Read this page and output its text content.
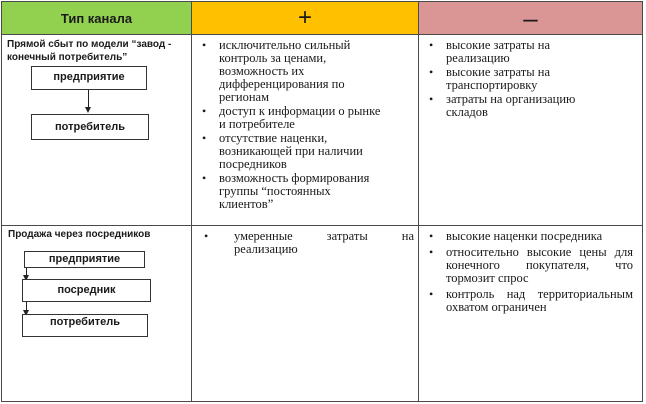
Тип канала	+	–
Прямой сбыт по модели “завод - конечный потребитель”
предприятие
потребитель
• исключительно сильный контроль за ценами, возможность их дифференцирования по регионам
• доступ к информации о рынке и потребителе
• отсутствие наценки, возникающей при наличии посредников
• возможность формирования группы “постоянных клиентов”
• высокие затраты на реализацию
• высокие затраты на транспортировку
• затраты на организацию складов
Продажа через посредников
предприятие
посредник
потребитель
• умеренные затраты на реализацию
• высокие наценки посредника
• относительно высокие цены для конечного покупателя, что тормозит спрос
• контроль над территориальным охватом ограничен
